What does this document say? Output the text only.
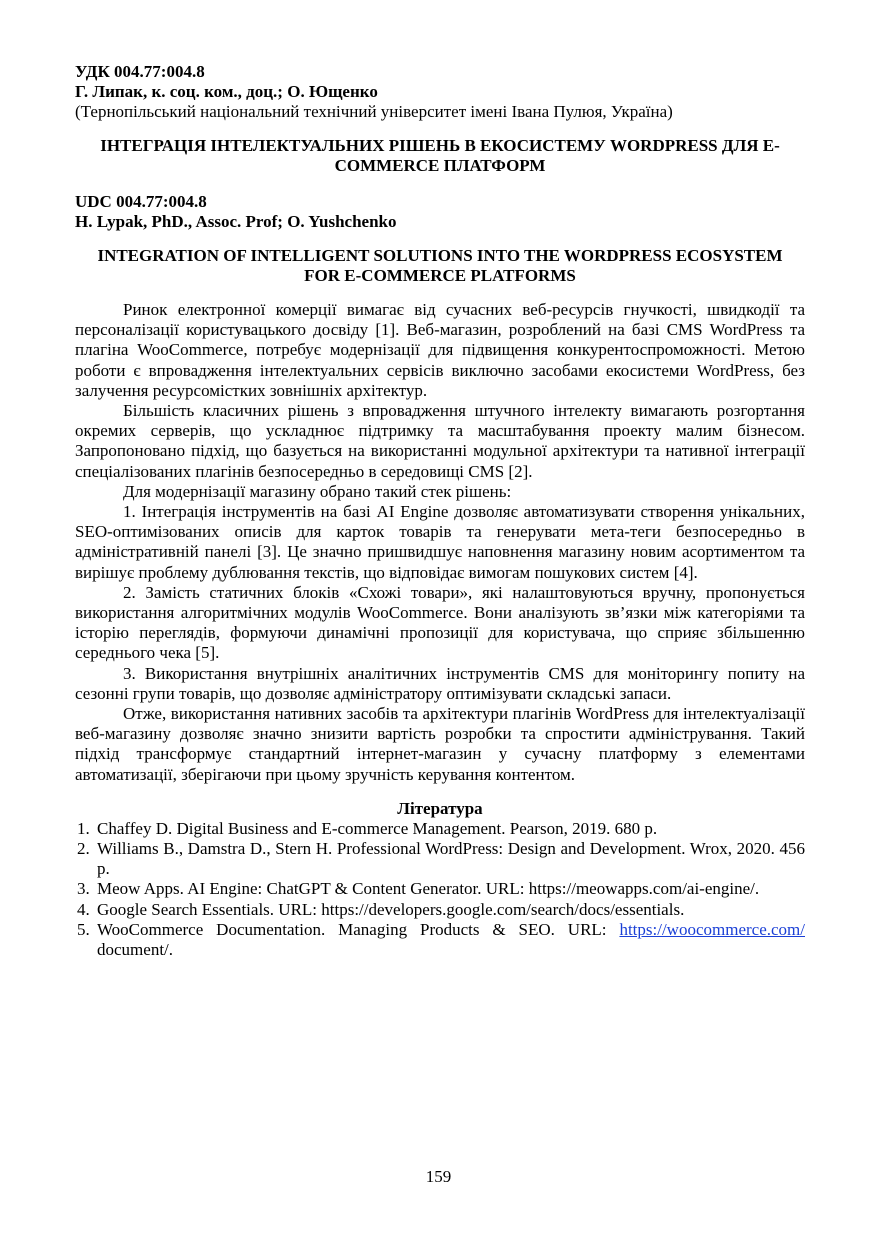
УДК 004.77:004.8

Г. Липак, к. соц. ком., доц.; О. Ющенко

(Тернопільський національний технічний університет імені Івана Пулюя, Україна)

ІНТЕГРАЦІЯ ІНТЕЛЕКТУАЛЬНИХ РІШЕНЬ В ЕКОСИСТЕМУ WORDPRESS ДЛЯ E-COMMERCE ПЛАТФОРМ

UDC 004.77:004.8

H. Lypak, PhD., Assoc. Prof; O. Yushchenko

INTEGRATION OF INTELLIGENT SOLUTIONS INTO THE WORDPRESS ECOSYSTEM FOR E-COMMERCE PLATFORMS

Ринок електронної комерції вимагає від сучасних веб-ресурсів гнучкості, швидкодії та персоналізації користувацького досвіду [1]. Веб-магазин, розроблений на базі CMS WordPress та плагіна WooCommerce, потребує модернізації для підвищення конкурентоспроможності. Метою роботи є впровадження інтелектуальних сервісів виключно засобами екосистеми WordPress, без залучення ресурсомістких зовнішніх архітектур.

Більшість класичних рішень з впровадження штучного інтелекту вимагають розгортання окремих серверів, що ускладнює підтримку та масштабування проекту малим бізнесом. Запропоновано підхід, що базується на використанні модульної архітектури та нативної інтеграції спеціалізованих плагінів безпосередньо в середовищі CMS [2].

Для модернізації магазину обрано такий стек рішень:

1. Інтеграція інструментів на базі AI Engine дозволяє автоматизувати створення унікальних, SEO-оптимізованих описів для карток товарів та генерувати мета-теги безпосередньо в адміністративній панелі [3]. Це значно пришвидшує наповнення магазину новим асортиментом та вирішує проблему дублювання текстів, що відповідає вимогам пошукових систем [4].

2. Замість статичних блоків «Схожі товари», які налаштовуються вручну, пропонується використання алгоритмічних модулів WooCommerce. Вони аналізують зв’язки між категоріями та історію переглядів, формуючи динамічні пропозиції для користувача, що сприяє збільшенню середнього чека [5].

3. Використання внутрішніх аналітичних інструментів CMS для моніторингу попиту на сезонні групи товарів, що дозволяє адміністратору оптимізувати складські запаси.

Отже, використання нативних засобів та архітектури плагінів WordPress для інтелектуалізації веб-магазину дозволяє значно знизити вартість розробки та спростити адміністрування. Такий підхід трансформує стандартний інтернет-магазин у сучасну платформу з елементами автоматизації, зберігаючи при цьому зручність керування контентом.

Література

1. Chaffey D. Digital Business and E-commerce Management. Pearson, 2019. 680 p.
2. Williams B., Damstra D., Stern H. Professional WordPress: Design and Development. Wrox, 2020. 456 p.
3. Meow Apps. AI Engine: ChatGPT & Content Generator. URL: https://meowapps.com/ai-engine/.
4. Google Search Essentials. URL: https://developers.google.com/search/docs/essentials.
5. WooCommerce Documentation. Managing Products & SEO. URL: https://woocommerce.com/ document/.
159
